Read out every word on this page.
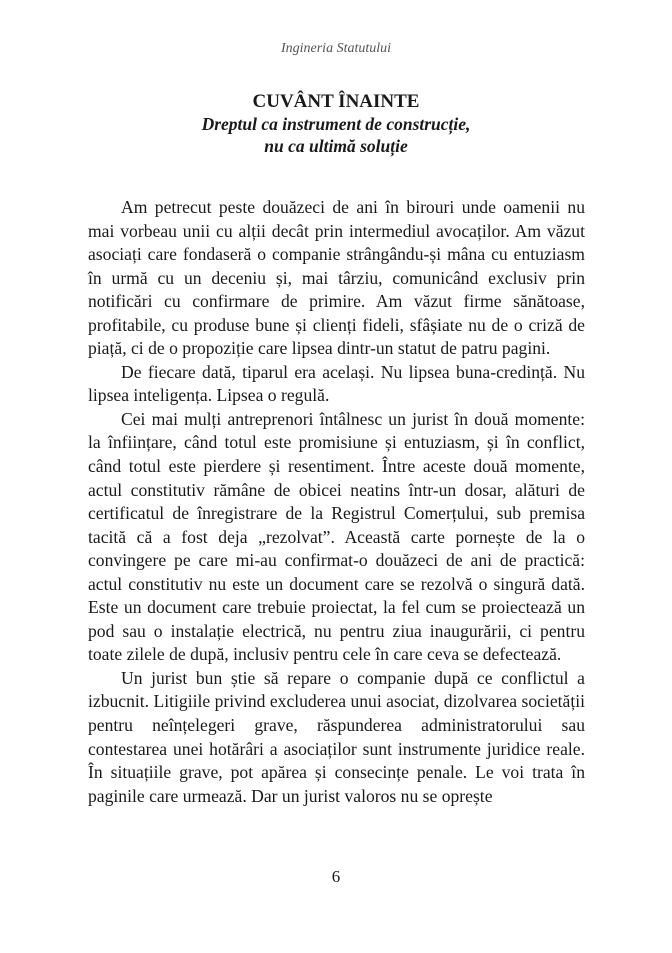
Ingineria Statutului
CUVÂNT ÎNAINTE
Dreptul ca instrument de construcție,
nu ca ultimă soluție

Am petrecut peste douăzeci de ani în birouri unde oamenii nu mai vorbeau unii cu alții decât prin intermediul avocaților. Am văzut asociați care fondaseră o companie strângându-și mâna cu entuziasm în urmă cu un deceniu și, mai târziu, comunicând exclusiv prin notificări cu confirmare de primire. Am văzut firme sănătoase, profitabile, cu produse bune și clienți fideli, sfâșiate nu de o criză de piață, ci de o propoziție care lipsea dintr-un statut de patru pagini.

De fiecare dată, tiparul era același. Nu lipsea buna-credință. Nu lipsea inteligența. Lipsea o regulă.

Cei mai mulți antreprenori întâlnesc un jurist în două momente: la înființare, când totul este promisiune și entuziasm, și în conflict, când totul este pierdere și resentiment. Între aceste două momente, actul constitutiv rămâne de obicei neatins într-un dosar, alături de certificatul de înregistrare de la Registrul Comerțului, sub premisa tacită că a fost deja „rezolvat”. Această carte pornește de la o convingere pe care mi-au confirmat-o douăzeci de ani de practică: actul constitutiv nu este un document care se rezolvă o singură dată. Este un document care trebuie proiectat, la fel cum se proiectează un pod sau o instalație electrică, nu pentru ziua inaugurării, ci pentru toate zilele de după, inclusiv pentru cele în care ceva se defectează.

Un jurist bun știe să repare o companie după ce conflictul a izbucnit. Litigiile privind excluderea unui asociat, dizolvarea societății pentru neînțelegeri grave, răspunderea administratorului sau contestarea unei hotărâri a asociaților sunt instrumente juridice reale. În situațiile grave, pot apărea și consecințe penale. Le voi trata în paginile care urmează. Dar un jurist valoros nu se oprește

6
